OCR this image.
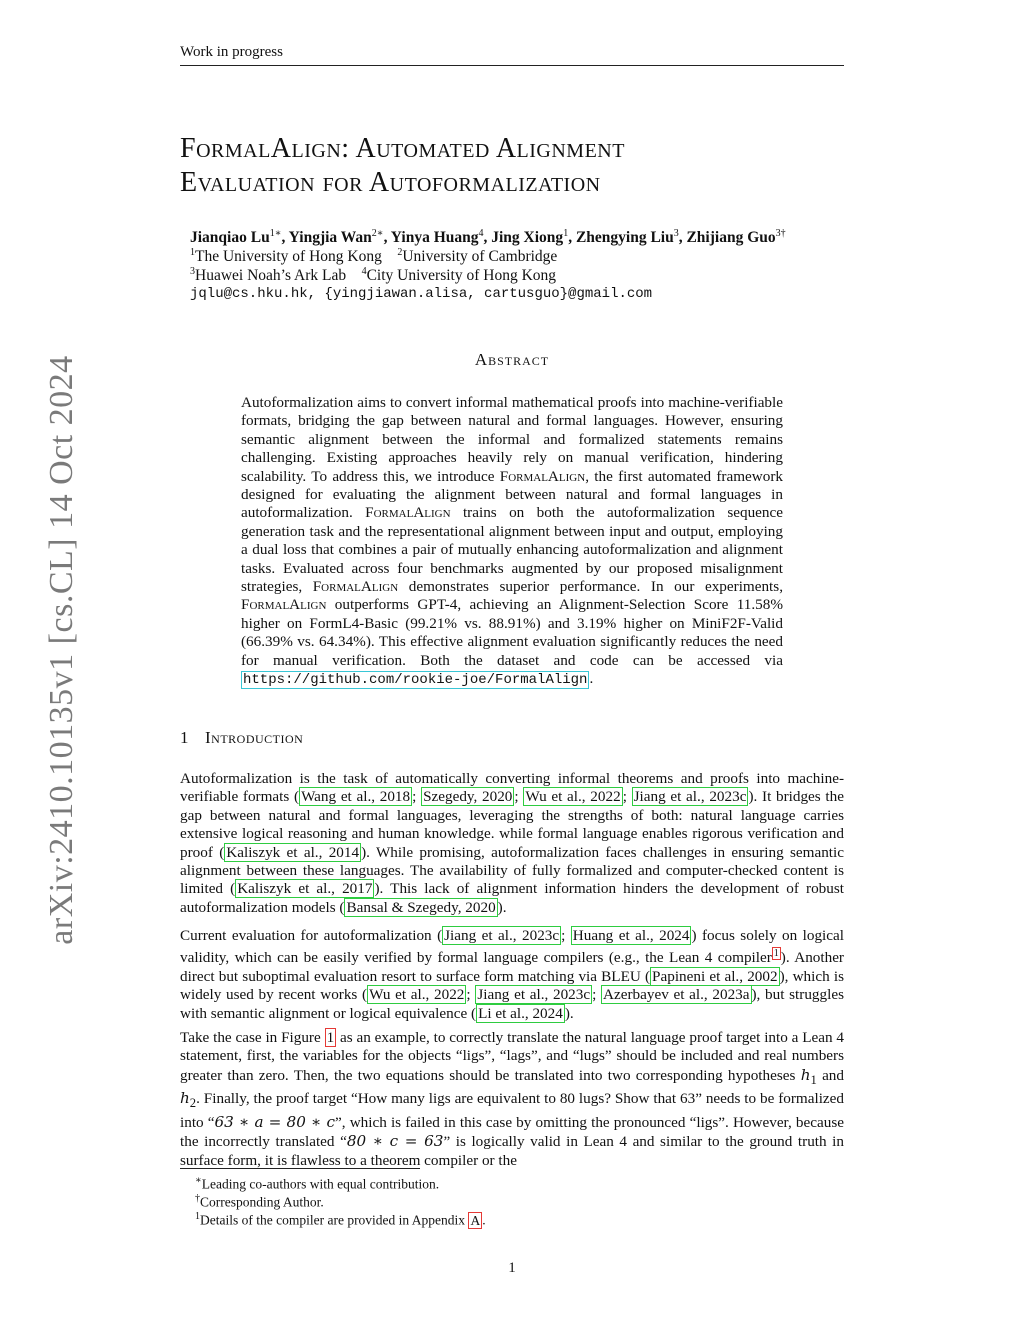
Work in progress
arXiv:2410.10135v1 [cs.CL] 14 Oct 2024
FormalAlign: Automated Alignment
Evaluation for Autoformalization
Jianqiao $Lu^{1∗}$, Yingjia Wan$^{2∗}$, Yinya Huang$^4$, Jing Xiong$^1$, Zhengying Liu$^3$, Zhijiang Guo$^{3\dagger}$
$^1$The University of Hong Kong $^2$University of Cambridge
$^3$Huawei Noah’s Ark Lab $^4$City University of Hong Kong
jqlu@cs.hku.hk, {yingjiawan.alisa, cartusguo}@gmail.com
Abstract
Autoformalization aims to convert informal mathematical proofs into machine-verifiable formats, bridging the gap between natural and formal languages. However, ensuring semantic alignment between the informal and formalized statements remains challenging. Existing approaches heavily rely on manual verification, hindering scalability. To address this, we introduce FormalAlign, the first automated framework designed for evaluating the alignment between natural and formal languages in autoformalization. FormalAlign trains on both the autoformalization sequence generation task and the representational alignment between input and output, employing a dual loss that combines a pair of mutually enhancing autoformalization and alignment tasks. Evaluated across four benchmarks augmented by our proposed misalignment strategies, FormalAlign demonstrates superior performance. In our experiments, FormalAlign outperforms GPT-4, achieving an Alignment-Selection Score 11.58% higher on FormL4-Basic (99.21% vs. 88.91%) and 3.19% higher on MiniF2F-Valid (66.39% vs. 64.34%). This effective alignment evaluation significantly reduces the need for manual verification. Both the dataset and code can be accessed via https://github.com/rookie-joe/FormalAlign .
1 Introduction
Autoformalization is the task of automatically converting informal theorems and proofs into machine-verifiable formats ( Wang et al., 2018 ; Szegedy, 2020 ; Wu et al., 2022 ; Jiang et al., 2023c ). It bridges the gap between natural and formal languages, leveraging the strengths of both: natural language carries extensive logical reasoning and human knowledge. while formal language enables rigorous verification and proof ( Kaliszyk et al., 2014 ). While promising, autoformalization faces challenges in ensuring semantic alignment between these languages. The availability of fully formalized and computer-checked content is limited ( Kaliszyk et al., 2017 ). This lack of alignment information hinders the development of robust autoformalization models ( Bansal & Szegedy, 2020 ).
Current evaluation for autoformalization ( Jiang et al., 2023c ; Huang et al., 2024 ) focus solely on logical validity, which can be easily verified by formal language compilers (e.g., the Lean 4 compiler $^1$ ). Another direct but suboptimal evaluation resort to surface form matching via BLEU ( Papineni et al., 2002 ), which is widely used by recent works ( Wu et al., 2022 ; Jiang et al., 2023c ; Azerbayev et al., 2023a ), but struggles with semantic alignment or logical equivalence ( Li et al., 2024 ).
Take the case in Figure 1 as an example, to correctly translate the natural language proof target into a Lean 4 statement, first, the variables for the objects “ligs”, “lags”, and “lugs” should be included and real numbers greater than zero. Then, the two equations should be translated into two corresponding hypotheses $h_1$ and $h_2$. Finally, the proof target “How many ligs are equivalent to 80 lugs? Show that 63” needs to be formalized into “63 ∗ a = 80 ∗ c”, which is failed in this case by omitting the pronounced “ligs”. However, because the incorrectly translated “80 ∗ c = 63” is logically valid in Lean 4 and similar to the ground truth in surface form, it is flawless to a theorem compiler or the
∗Leading co-authors with equal contribution.
†Corresponding Author.
$^1$Details of the compiler are provided in Appendix A .
1
